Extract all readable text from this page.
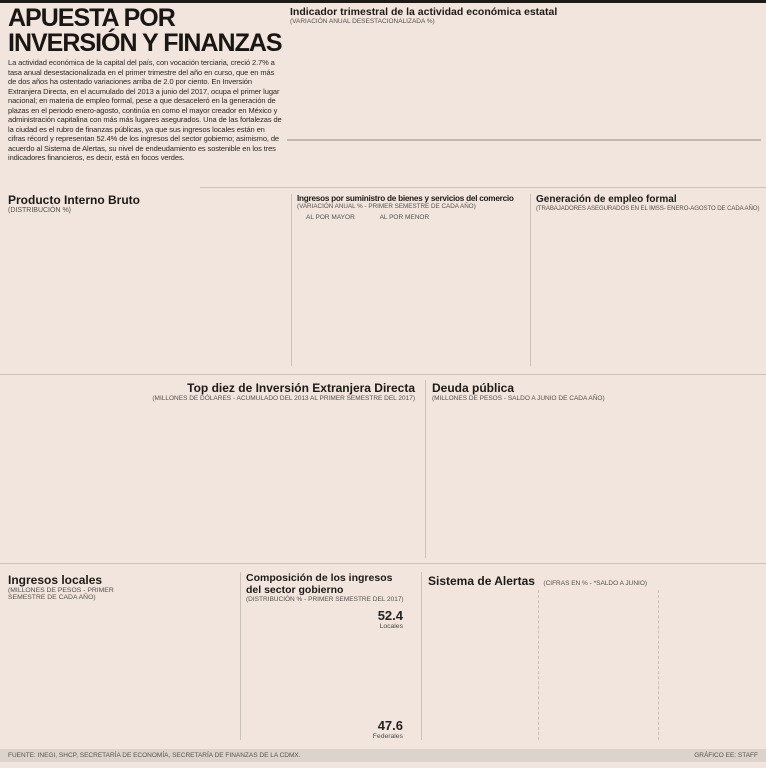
APUESTA POR
INVERSIÓN Y FINANZAS

La actividad económica de la capital del país, con vocación terciaria, creció 2.7% a tasa anual desestacionalizada en el primer trimestre del año en curso, que en más de dos años ha ostentado variaciones arriba de 2.0 por ciento. En Inversión Extranjera Directa, en el acumulado del 2013 a junio del 2017, ocupa el primer lugar nacional; en materia de empleo formal, pese a que desaceleró en la generación de plazas en el periodo enero-agosto, continúa en como el mayor creador en México y administración capitalina con más más lugares asegurados. Una de las fortalezas de la ciudad es el rubro de finanzas públicas, ya que sus ingresos locales están en cifras récord y representan 52.4% de los ingresos del sector gobierno; asimismo, de acuerdo al Sistema de Alertas, su nivel de endeudamiento es sostenible en los tres indicadores financieros, es decir, está en focos verdes.

Indicador trimestral de la actividad económica estatal
(VARIACIÓN ANUAL DESESTACIONALIZADA %)
Producto Interno Bruto
(DISTRIBUCIÓN %)
Ingresos por suministro de bienes y servicios del comercio
(VARIACIÓN ANUAL % - PRIMER SEMESTRE DE CADA AÑO)
AL POR MAYOR	AL POR MENOR
Generación de empleo formal
(TRABAJADORES ASEGURADOS EN EL IMSS- ENERO-AGOSTO DE CADA AÑO)
Top diez de Inversión Extranjera Directa
(MILLONES DE DÓLARES - ACUMULADO DEL 2013 AL PRIMER SEMESTRE DEL 2017)
Deuda pública
(MILLONES DE PESOS - SALDO A JUNIO DE CADA AÑO)
Ingresos locales
(MILLONES DE PESOS - PRIMER SEMESTRE DE CADA AÑO)
Composición de los ingresos del sector gobierno
(DISTRIBUCIÓN % - PRIMER SEMESTRE DEL 2017)
52.4
Locales
47.6
Federales
Sistema de Alertas (CIFRAS EN % - *SALDO A JUNIO)
FUENTE: INEGI, SHCP, SECRETARÍA DE ECONOMÍA, SECRETARÍA DE FINANZAS DE LA CDMX.	GRÁFICO EE: STAFF
